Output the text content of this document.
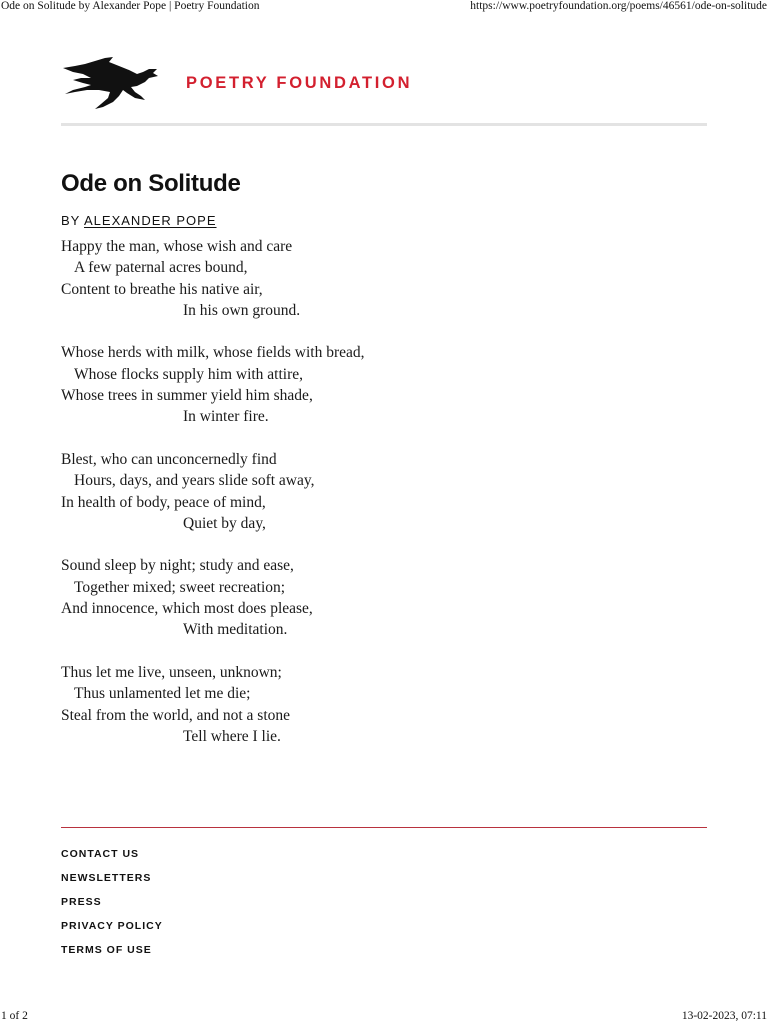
Ode on Solitude by Alexander Pope | Poetry Foundation	https://www.poetryfoundation.org/poems/46561/ode-on-solitude
POETRY FOUNDATION
Ode on Solitude
BY ALEXANDER POPE
Happy the man, whose wish and care
A few paternal acres bound,
Content to breathe his native air,
In his own ground.
Whose herds with milk, whose fields with bread,
Whose flocks supply him with attire,
Whose trees in summer yield him shade,
In winter fire.
Blest, who can unconcernedly find
Hours, days, and years slide soft away,
In health of body, peace of mind,
Quiet by day,
Sound sleep by night; study and ease,
Together mixed; sweet recreation;
And innocence, which most does please,
With meditation.
Thus let me live, unseen, unknown;
Thus unlamented let me die;
Steal from the world, and not a stone
Tell where I lie.
CONTACT US
NEWSLETTERS
PRESS
PRIVACY POLICY
TERMS OF USE
1 of 2	13-02-2023, 07:11
